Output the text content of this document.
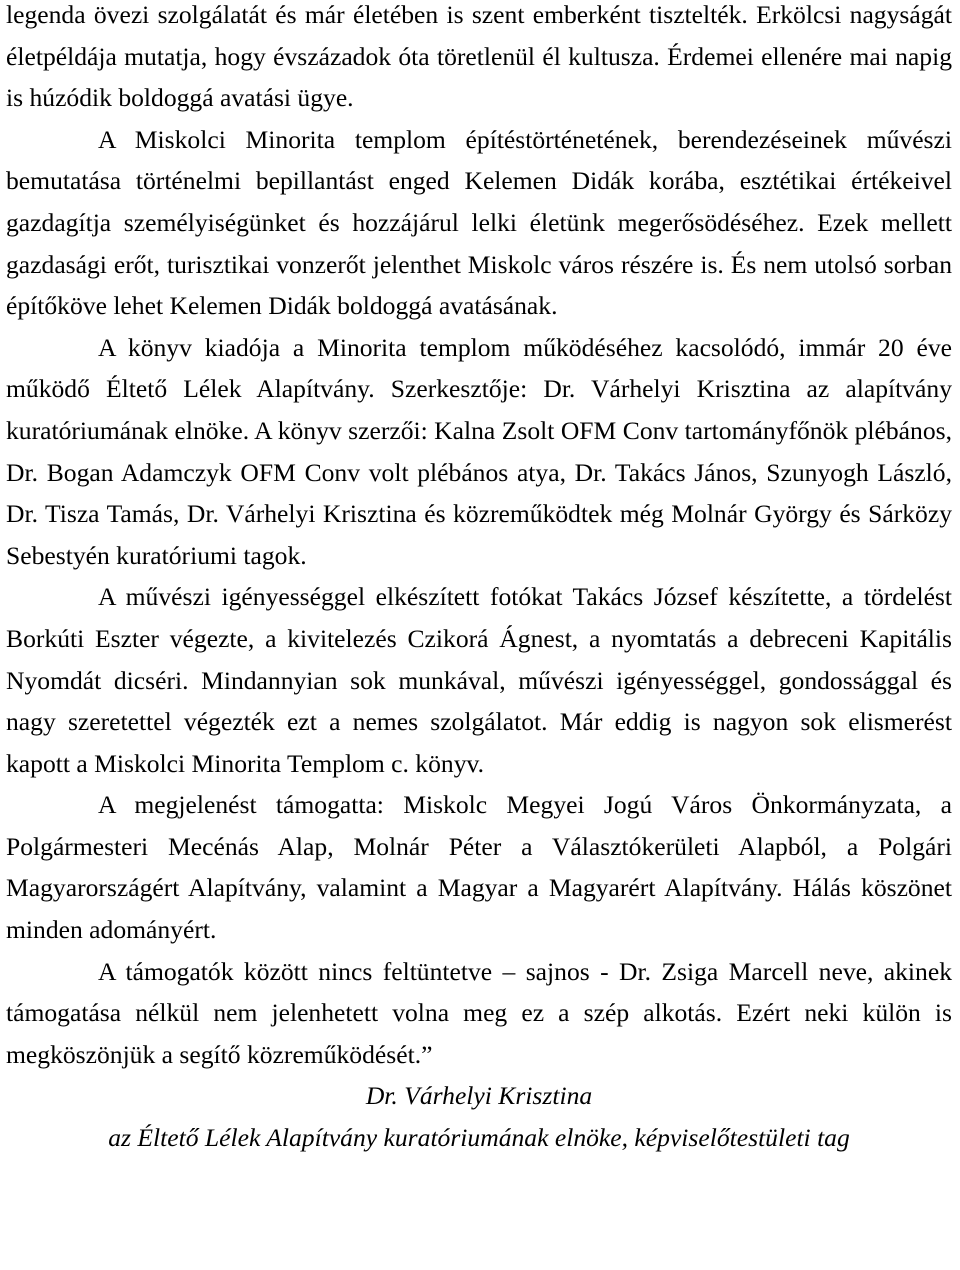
legenda övezi szolgálatát és már életében is szent emberként tisztelték. Erkölcsi nagyságát életpéldája mutatja, hogy évszázadok óta töretlenül él kultusza. Érdemei ellenére mai napig is húzódik boldoggá avatási ügye.

A Miskolci Minorita templom építéstörténetének, berendezéseinek művészi bemutatása történelmi bepillantást enged Kelemen Didák korába, esztétikai értékeivel gazdagítja személyiségünket és hozzájárul lelki életünk megerősödéséhez. Ezek mellett gazdasági erőt, turisztikai vonzerőt jelenthet Miskolc város részére is. És nem utolsó sorban építőköve lehet Kelemen Didák boldoggá avatásának.

A könyv kiadója a Minorita templom működéséhez kacsolódó, immár 20 éve működő Éltető Lélek Alapítvány. Szerkesztője: Dr. Várhelyi Krisztina az alapítvány kuratóriumának elnöke. A könyv szerzői: Kalna Zsolt OFM Conv tartományfőnök plébános, Dr. Bogan Adamczyk OFM Conv volt plébános atya, Dr. Takács János, Szunyogh László, Dr. Tisza Tamás, Dr. Várhelyi Krisztina és közreműködtek még Molnár György és Sárközy Sebestyén kuratóriumi tagok.

A művészi igényességgel elkészített fotókat Takács József készítette, a tördelést Borkúti Eszter végezte, a kivitelezés Czikorá Ágnest, a nyomtatás a debreceni Kapitális Nyomdát dicséri. Mindannyian sok munkával, művészi igényességgel, gondossággal és nagy szeretettel végezték ezt a nemes szolgálatot. Már eddig is nagyon sok elismerést kapott a Miskolci Minorita Templom c. könyv.

A megjelenést támogatta: Miskolc Megyei Jogú Város Önkormányzata, a Polgármesteri Mecénás Alap, Molnár Péter a Választókerületi Alapból, a Polgári Magyarországért Alapítvány, valamint a Magyar a Magyarért Alapítvány. Hálás köszönet minden adományért.

A támogatók között nincs feltüntetve – sajnos - Dr. Zsiga Marcell neve, akinek támogatása nélkül nem jelenhetett volna meg ez a szép alkotás. Ezért neki külön is megköszönjük a segítő közreműködését.”

Dr. Várhelyi Krisztina

az Éltető Lélek Alapítvány kuratóriumának elnöke, képviselőtestületi tag
